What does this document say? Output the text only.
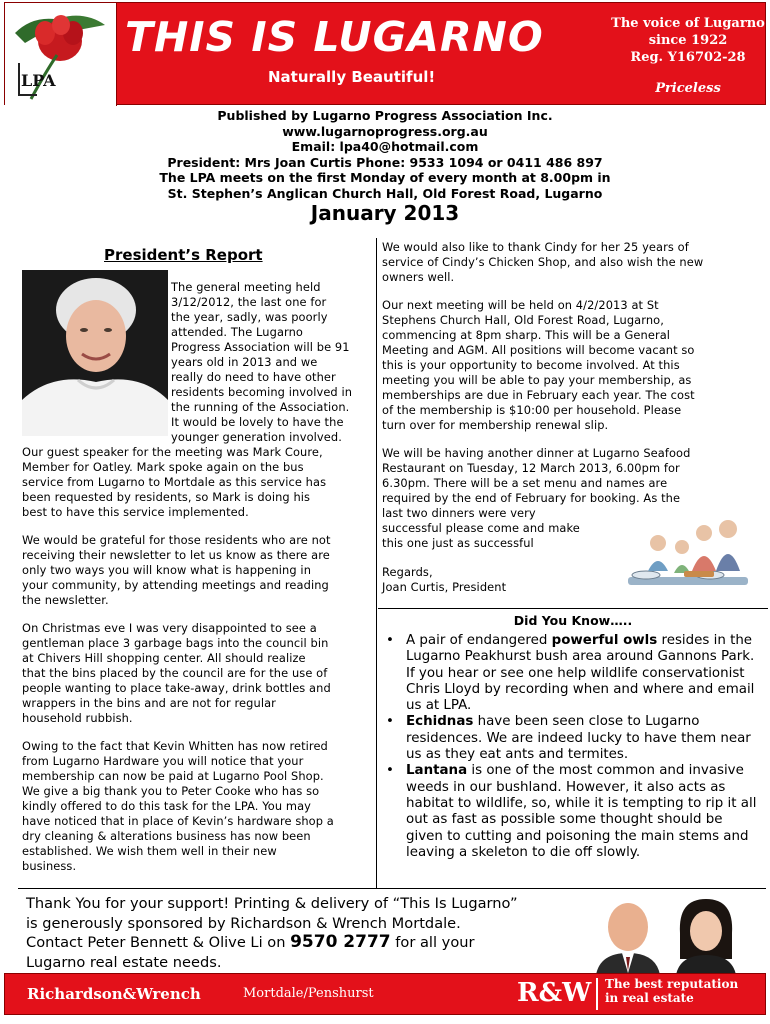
LPA
THIS IS LUGARNO
Naturally Beautiful!
The voice of Lugarno
since 1922
Reg. Y16702-28
Priceless
Published by Lugarno Progress Association Inc.
www.lugarnoprogress.org.au
Email: lpa40@hotmail.com
President: Mrs Joan Curtis Phone: 9533 1094 or 0411 486 897
The LPA meets on the first Monday of every month at 8.00pm in
St. Stephen’s Anglican Church Hall, Old Forest Road, Lugarno
January 2013
President’s Report
The general meeting held
3/12/2012, the last one for
the year, sadly, was poorly
attended. The Lugarno
Progress Association will be 91
years old in 2013 and we
really do need to have other
residents becoming involved in
the running of the Association.
It would be lovely to have the
younger generation involved.
Our guest speaker for the meeting was Mark Coure,
Member for Oatley. Mark spoke again on the bus
service from Lugarno to Mortdale as this service has
been requested by residents, so Mark is doing his
best to have this service implemented.
We would be grateful for those residents who are not
receiving their newsletter to let us know as there are
only two ways you will know what is happening in
your community, by attending meetings and reading
the newsletter.
On Christmas eve I was very disappointed to see a
gentleman place 3 garbage bags into the council bin
at Chivers Hill shopping center. All should realize
that the bins placed by the council are for the use of
people wanting to place take-away, drink bottles and
wrappers in the bins and are not for regular
household rubbish.
Owing to the fact that Kevin Whitten has now retired
from Lugarno Hardware you will notice that your
membership can now be paid at Lugarno Pool Shop.
We give a big thank you to Peter Cooke who has so
kindly offered to do this task for the LPA. You may
have noticed that in place of Kevin’s hardware shop a
dry cleaning & alterations business has now been
established. We wish them well in their new
business.
We would also like to thank Cindy for her 25 years of
service of Cindy’s Chicken Shop, and also wish the new
owners well.
Our next meeting will be held on 4/2/2013 at St
Stephens Church Hall, Old Forest Road, Lugarno,
commencing at 8pm sharp. This will be a General
Meeting and AGM. All positions will become vacant so
this is your opportunity to become involved. At this
meeting you will be able to pay your membership, as
memberships are due in February each year. The cost
of the membership is $10:00 per household. Please
turn over for membership renewal slip.
We will be having another dinner at Lugarno Seafood
Restaurant on Tuesday, 12 March 2013, 6.00pm for
6.30pm. There will be a set menu and names are
required by the end of February for booking. As the
last two dinners were very
successful please come and make
this one just as successful
Regards,
Joan Curtis, President
Did You Know…..
• A pair of endangered powerful owls resides in the Lugarno Peakhurst bush area around Gannons Park. If you hear or see one help wildlife conservationist Chris Lloyd by recording when and where and email us at LPA.
• Echidnas have been seen close to Lugarno residences. We are indeed lucky to have them near us as they eat ants and termites.
• Lantana is one of the most common and invasive weeds in our bushland. However, it also acts as habitat to wildlife, so, while it is tempting to rip it all out as fast as possible some thought should be given to cutting and poisoning the main stems and leaving a skeleton to die off slowly.
Thank You for your support! Printing & delivery of “This Is Lugarno”
is generously sponsored by Richardson & Wrench Mortdale.
Contact Peter Bennett & Olive Li on 9570 2777 for all your
Lugarno real estate needs.
Richardson&Wrench	Mortdale/Penshurst	R&W The best reputation
in real estate
